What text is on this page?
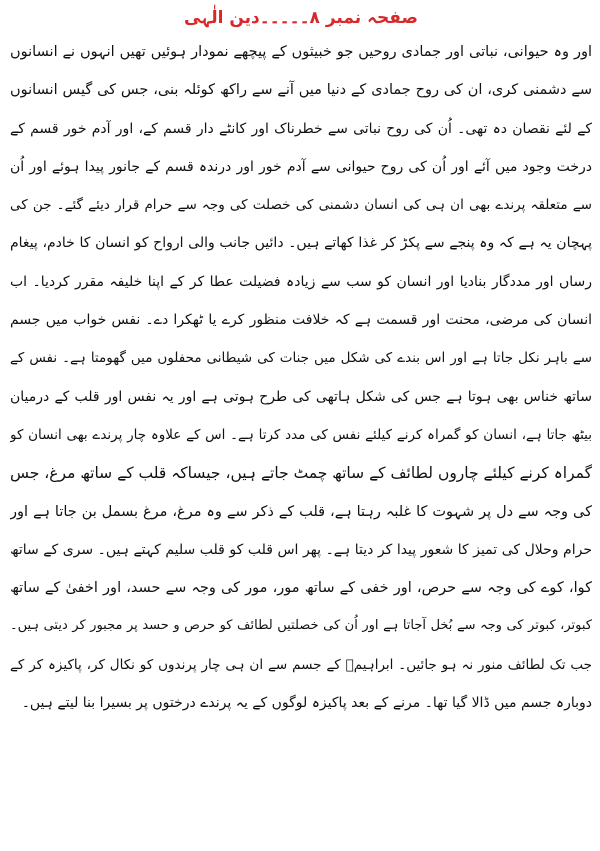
صفحہ نمبر ۸۔۔۔۔۔دین الٰہی
اور وہ حیوانی، نباتی اور جمادی روحیں جو خبیثوں کے پیچھے نمودار ہوئیں تھیں انہوں نے انسانوں
سے دشمنی کری، ان کی روح جمادی کے دنیا میں آنے سے راکھ کوئلہ بنی، جس کی گیس انسانوں
کے لئے نقصان دہ تھی۔ اُن کی روح نباتی سے خطرناک اور کانٹے دار قسم کے، اور آدم خور قسم کے
درخت وجود میں آئے اور اُن کی روح حیوانی سے آدم خور اور درندہ قسم کے جانور پیدا ہوئے اور اُن
سے متعلقہ پرندے بھی ان ہی کی انسان دشمنی کی خصلت کی وجہ سے حرام قرار دیئے گئے۔ جن کی
پہچان یہ ہے کہ وہ پنجے سے پکڑ کر غذا کھاتے ہیں۔ دائیں جانب والی ارواح کو انسان کا خادم، پیغام
رساں اور مددگار بنادیا اور انسان کو سب سے زیادہ فضیلت عطا کر کے اپنا خلیفہ مقرر کردیا۔ اب
انسان کی مرضی، محنت اور قسمت ہے کہ خلافت منظور کرے یا ٹھکرا دے۔ نفس خواب میں جسم
سے باہر نکل جاتا ہے اور اس بندے کی شکل میں جنات کی شیطانی محفلوں میں گھومتا ہے۔ نفس کے
ساتھ خناس بھی ہوتا ہے جس کی شکل ہاتھی کی طرح ہوتی ہے اور یہ نفس اور قلب کے درمیان
بیٹھ جاتا ہے، انسان کو گمراہ کرنے کیلئے نفس کی مدد کرتا ہے۔ اس کے علاوہ چار پرندے بھی انسان کو
گمراہ کرنے کیلئے چاروں لطائف کے ساتھ چمٹ جاتے ہیں، جیساکہ قلب کے ساتھ مرغ، جس
کی وجہ سے دل پر شہوت کا غلبہ رہتا ہے، قلب کے ذکر سے وہ مرغ، مرغ بسمل بن جاتا ہے اور
حرام وحلال کی تمیز کا شعور پیدا کر دیتا ہے۔ پھر اس قلب کو قلب سلیم کہتے ہیں۔ سری کے ساتھ
کوا، کوے کی وجہ سے حرص، اور خفی کے ساتھ مور، مور کی وجہ سے حسد، اور اخفیٰ کے ساتھ
کبوتر، کبوتر کی وجہ سے بُخل آجاتا ہے اور اُن کی خصلتیں لطائف کو حرص و حسد پر مجبور کر دیتی ہیں۔
جب تک لطائف منور نہ ہو جائیں۔ ابراہیمؑ کے جسم سے ان ہی چار پرندوں کو نکال کر، پاکیزہ کر کے
دوبارہ جسم میں ڈالا گیا تھا۔ مرنے کے بعد پاکیزہ لوگوں کے یہ پرندے درختوں پر بسیرا بنا لیتے ہیں۔
